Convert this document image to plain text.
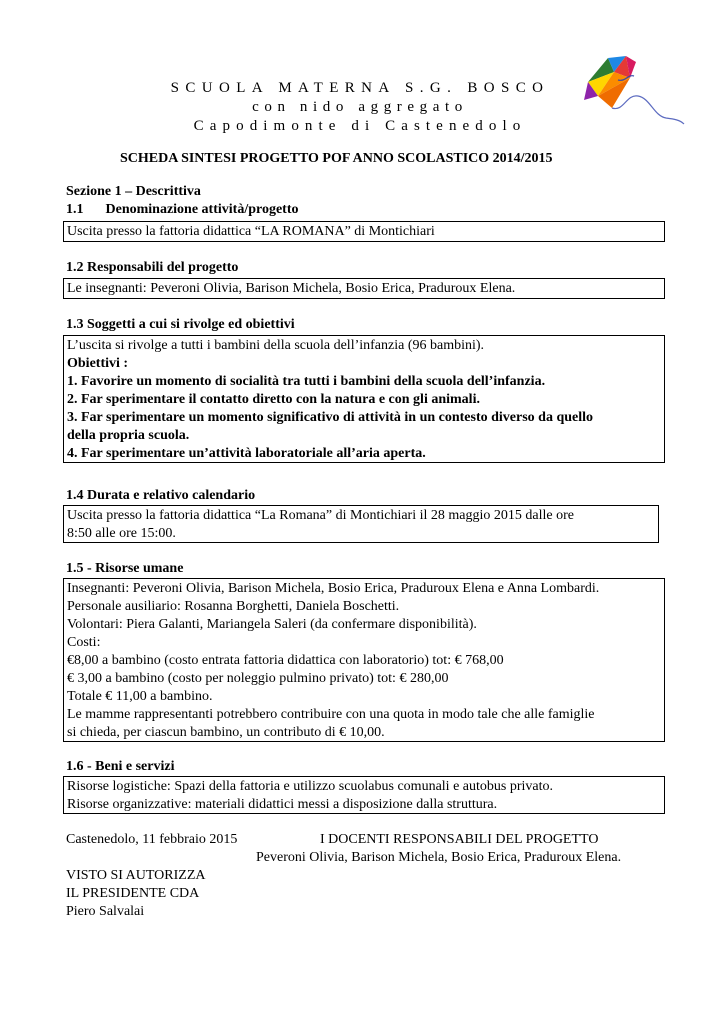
SCUOLA MATERNA S.G. BOSCO
con nido aggregato
Capodimonte di Castenedolo
SCHEDA SINTESI PROGETTO POF ANNO SCOLASTICO 2014/2015
Sezione 1 – Descrittiva
1.1 Denominazione attività/progetto
Uscita presso la fattoria didattica “LA ROMANA” di Montichiari
1.2 Responsabili del progetto
Le insegnanti: Peveroni Olivia, Barison Michela, Bosio Erica, Praduroux Elena.
1.3 Soggetti a cui si rivolge ed obiettivi
L’uscita si rivolge a tutti i bambini della scuola dell’infanzia (96 bambini).
Obiettivi :
1. Favorire un momento di socialità tra tutti i bambini della scuola dell’infanzia.
2. Far sperimentare il contatto diretto con la natura e con gli animali.
3. Far sperimentare un momento significativo di attività in un contesto diverso da quello
della propria scuola.
4. Far sperimentare un’attività laboratoriale all’aria aperta.
1.4 Durata e relativo calendario
Uscita presso la fattoria didattica “La Romana” di Montichiari il 28 maggio 2015 dalle ore
8:50 alle ore 15:00.
1.5 - Risorse umane
Insegnanti: Peveroni Olivia, Barison Michela, Bosio Erica, Praduroux Elena e Anna Lombardi.
Personale ausiliario: Rosanna Borghetti, Daniela Boschetti.
Volontari: Piera Galanti, Mariangela Saleri (da confermare disponibilità).
Costi:
€8,00 a bambino (costo entrata fattoria didattica con laboratorio) tot: € 768,00
€ 3,00 a bambino (costo per noleggio pulmino privato) tot: € 280,00
Totale € 11,00 a bambino.
Le mamme rappresentanti potrebbero contribuire con una quota in modo tale che alle famiglie
si chieda, per ciascun bambino, un contributo di € 10,00.
1.6 - Beni e servizi
Risorse logistiche: Spazi della fattoria e utilizzo scuolabus comunali e autobus privato.
Risorse organizzative: materiali didattici messi a disposizione dalla struttura.
Castenedolo, 11 febbraio 2015	I DOCENTI RESPONSABILI DEL PROGETTO
Peveroni Olivia, Barison Michela, Bosio Erica, Praduroux Elena.
VISTO SI AUTORIZZA
IL PRESIDENTE CDA
Piero Salvalai
